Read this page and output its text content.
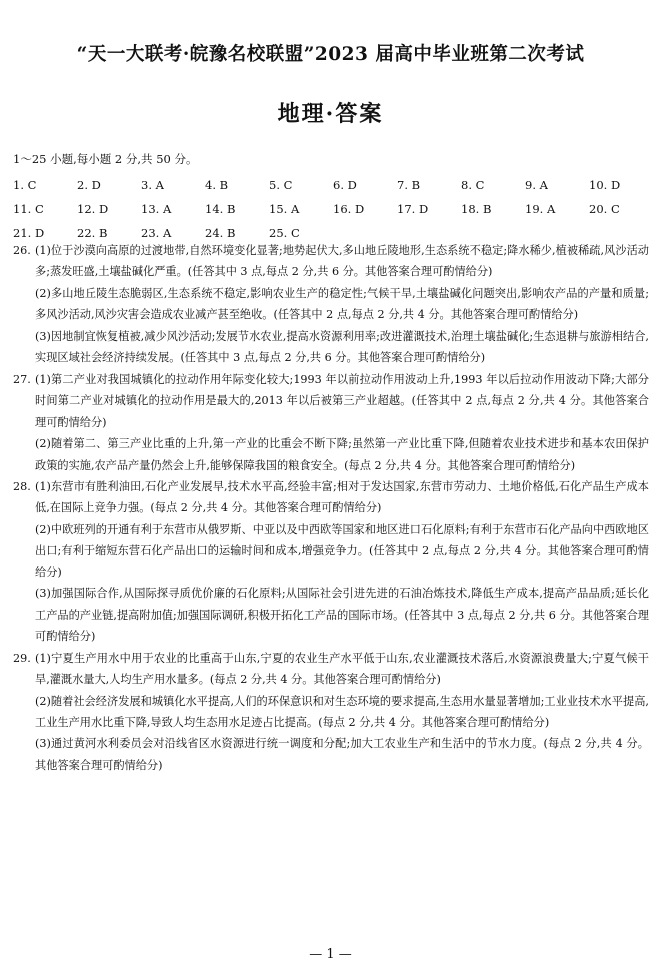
“天一大联考·皖豫名校联盟”2023 届高中毕业班第二次考试
地理·答案
1～25 小题,每小题 2 分,共 50 分。
1. C	2. D	3. A	4. B	5. C	6. D	7. B	8. C	9. A	10. D
11. C	12. D	13. A	14. B	15. A	16. D	17. D	18. B	19. A	20. C
21. D	22. B	23. A	24. B	25. C
26. (1)位于沙漠向高原的过渡地带,自然环境变化显著;地势起伏大,多山地丘陵地形,生态系统不稳定;降水稀少,植被稀疏,风沙活动多;蒸发旺盛,土壤盐碱化严重。(任答其中 3 点,每点 2 分,共 6 分。其他答案合理可酌情给分)
(2)多山地丘陵生态脆弱区,生态系统不稳定,影响农业生产的稳定性;气候干旱,土壤盐碱化问题突出,影响农产品的产量和质量;多风沙活动,风沙灾害会造成农业减产甚至绝收。(任答其中 2 点,每点 2 分,共 4 分。其他答案合理可酌情给分)
(3)因地制宜恢复植被,减少风沙活动;发展节水农业,提高水资源利用率;改进灌溉技术,治理土壤盐碱化;生态退耕与旅游相结合,实现区域社会经济持续发展。(任答其中 3 点,每点 2 分,共 6 分。其他答案合理可酌情给分)
27. (1)第二产业对我国城镇化的拉动作用年际变化较大;1993 年以前拉动作用波动上升,1993 年以后拉动作用波动下降;大部分时间第二产业对城镇化的拉动作用是最大的,2013 年以后被第三产业超越。(任答其中 2 点,每点 2 分,共 4 分。其他答案合理可酌情给分)
(2)随着第二、第三产业比重的上升,第一产业的比重会不断下降;虽然第一产业比重下降,但随着农业技术进步和基本农田保护政策的实施,农产品产量仍然会上升,能够保障我国的粮食安全。(每点 2 分,共 4 分。其他答案合理可酌情给分)
28. (1)东营市有胜利油田,石化产业发展早,技术水平高,经验丰富;相对于发达国家,东营市劳动力、土地价格低,石化产品生产成本低,在国际上竞争力强。(每点 2 分,共 4 分。其他答案合理可酌情给分)
(2)中欧班列的开通有利于东营市从俄罗斯、中亚以及中西欧等国家和地区进口石化原料;有利于东营市石化产品向中西欧地区出口;有利于缩短东营石化产品出口的运输时间和成本,增强竞争力。(任答其中 2 点,每点 2 分,共 4 分。其他答案合理可酌情给分)
(3)加强国际合作,从国际探寻质优价廉的石化原料;从国际社会引进先进的石油冶炼技术,降低生产成本,提高产品品质;延长化工产品的产业链,提高附加值;加强国际调研,积极开拓化工产品的国际市场。(任答其中 3 点,每点 2 分,共 6 分。其他答案合理可酌情给分)
29. (1)宁夏生产用水中用于农业的比重高于山东,宁夏的农业生产水平低于山东,农业灌溉技术落后,水资源浪费量大;宁夏气候干旱,灌溉水量大,人均生产用水量多。(每点 2 分,共 4 分。其他答案合理可酌情给分)
(2)随着社会经济发展和城镇化水平提高,人们的环保意识和对生态环境的要求提高,生态用水量显著增加;工业业技术水平提高,工业生产用水比重下降,导致人均生态用水足迹占比提高。(每点 2 分,共 4 分。其他答案合理可酌情给分)
(3)通过黄河水利委员会对沿线省区水资源进行统一调度和分配;加大工农业生产和生活中的节水力度。(每点 2 分,共 4 分。其他答案合理可酌情给分)
— 1 —
